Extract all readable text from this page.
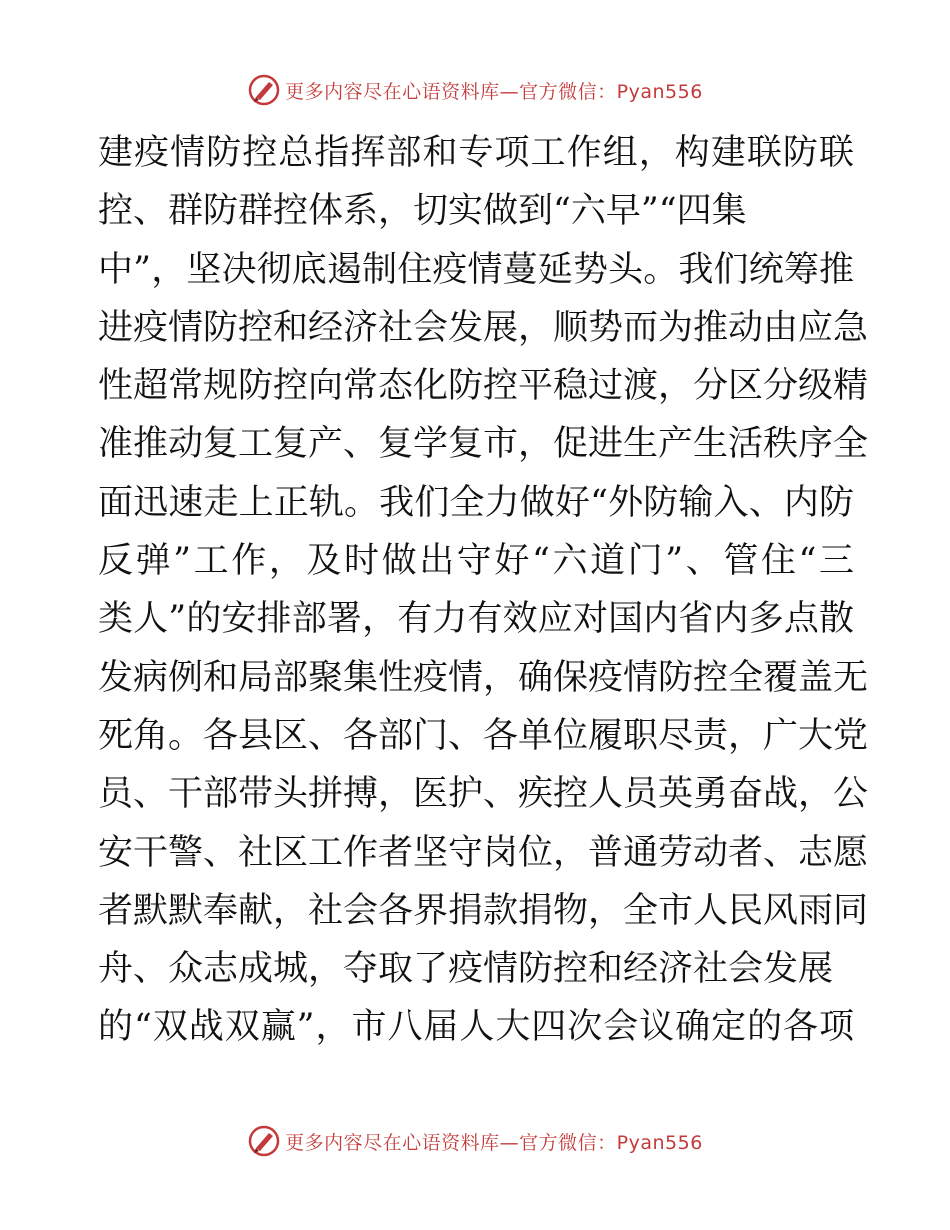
更多内容尽在心语资料库—官方微信：Pyan556
建疫情防控总指挥部和专项工作组，构建联防联
控、群防群控体系，切实做到“六早”“四集
中”，坚决彻底遏制住疫情蔓延势头。我们统筹推
进疫情防控和经济社会发展，顺势而为推动由应急
性超常规防控向常态化防控平稳过渡，分区分级精
准推动复工复产、复学复市，促进生产生活秩序全
面迅速走上正轨。我们全力做好“外防输入、内防
反弹”工作，及时做出守好“六道门”、管住“三
类人”的安排部署，有力有效应对国内省内多点散
发病例和局部聚集性疫情，确保疫情防控全覆盖无
死角。各县区、各部门、各单位履职尽责，广大党
员、干部带头拼搏，医护、疾控人员英勇奋战，公
安干警、社区工作者坚守岗位，普通劳动者、志愿
者默默奉献，社会各界捐款捐物，全市人民风雨同
舟、众志成城，夺取了疫情防控和经济社会发展
的“双战双赢”，市八届人大四次会议确定的各项
更多内容尽在心语资料库—官方微信：Pyan556
